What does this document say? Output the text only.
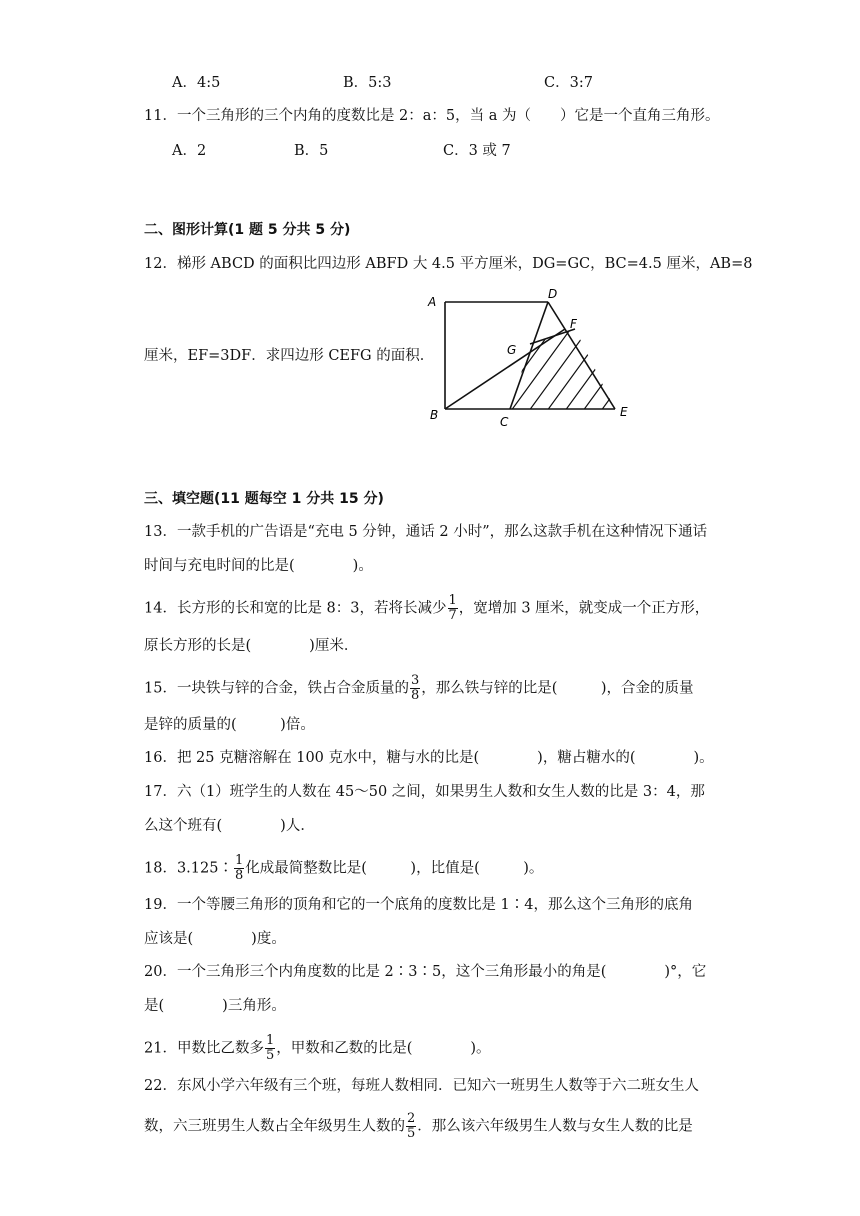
A．4:5	B．5:3	C．3:7
11．一个三角形的三个内角的度数比是 2：a：5，当 a 为（　　）它是一个直角三角形。
A．2	B．5	C．3 或 7
二、图形计算(1 题 5 分共 5 分)
12．梯形 ABCD 的面积比四边形 ABFD 大 4.5 平方厘米，DG=GC，BC=4.5 厘米，AB=8
厘米，EF=3DF．求四边形 CEFG 的面积．
A
B	C
D
E
F
G
三、填空题(11 题每空 1 分共 15 分)
13．一款手机的广告语是“充电 5 分钟，通话 2 小时”，那么这款手机在这种情况下通话
时间与充电时间的比是(　　　　)。
14．长方形的长和宽的比是 8：3，若将长减少 $\frac{1}{7}$ ，宽增加 3 厘米，就变成一个正方形，
原长方形的长是(　　　　)厘米．
15．一块铁与锌的合金，铁占合金质量的 $\frac{3}{8}$ ，那么铁与锌的比是(　　　)，合金的质量
是锌的质量的(　　　)倍。
16．把 25 克糖溶解在 100 克水中，糖与水的比是(　　　　)，糖占糖水的(　　　　)。
17．六（1）班学生的人数在 45～50 之间，如果男生人数和女生人数的比是 3：4，那
么这个班有(　　　　)人．
18．3.125∶ $\frac{1}{8}$ 化成最简整数比是(　　　)，比值是(　　　)。
19．一个等腰三角形的顶角和它的一个底角的度数比是 1∶4，那么这个三角形的底角
应该是(　　　　)度。
20．一个三角形三个内角度数的比是 2∶3∶5，这个三角形最小的角是(　　　　)°，它
是(　　　　)三角形。
21．甲数比乙数多 $\frac{1}{5}$ ，甲数和乙数的比是(　　　　)。
22．东风小学六年级有三个班，每班人数相同．已知六一班男生人数等于六二班女生人
数，六三班男生人数占全年级男生人数的 $\frac{2}{5}$ ．那么该六年级男生人数与女生人数的比是
